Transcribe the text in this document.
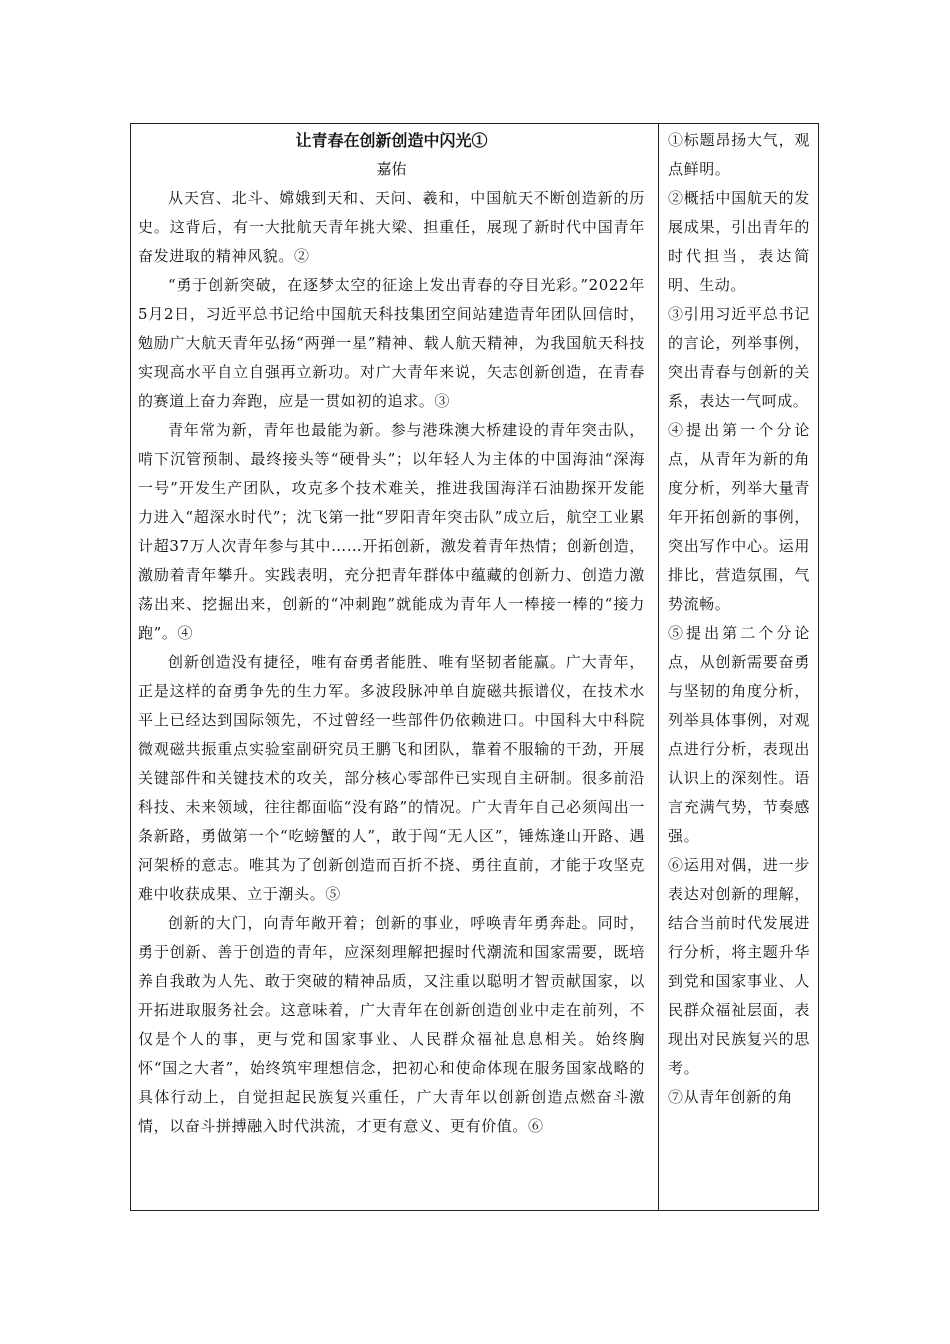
让青春在创新创造中闪光①

嘉佑

从天宫、北斗、嫦娥到天和、天问、羲和，中国航天不断创造新的历史。这背后，有一大批航天青年挑大梁、担重任，展现了新时代中国青年奋发进取的精神风貌。②

“勇于创新突破，在逐梦太空的征途上发出青春的夺目光彩。”2022年5月2日，习近平总书记给中国航天科技集团空间站建造青年团队回信时，勉励广大航天青年弘扬“两弹一星”精神、载人航天精神，为我国航天科技实现高水平自立自强再立新功。对广大青年来说，矢志创新创造，在青春的赛道上奋力奔跑，应是一贯如初的追求。③

青年常为新，青年也最能为新。参与港珠澳大桥建设的青年突击队，啃下沉管预制、最终接头等“硬骨头”；以年轻人为主体的中国海油“深海一号”开发生产团队，攻克多个技术难关，推进我国海洋石油勘探开发能力进入“超深水时代”；沈飞第一批“罗阳青年突击队”成立后，航空工业累计超37万人次青年参与其中……开拓创新，激发着青年热情；创新创造，激励着青年攀升。实践表明，充分把青年群体中蕴藏的创新力、创造力激荡出来、挖掘出来，创新的“冲刺跑”就能成为青年人一棒接一棒的“接力跑”。④

创新创造没有捷径，唯有奋勇者能胜、唯有坚韧者能赢。广大青年，正是这样的奋勇争先的生力军。多波段脉冲单自旋磁共振谱仪，在技术水平上已经达到国际领先，不过曾经一些部件仍依赖进口。中国科大中科院微观磁共振重点实验室副研究员王鹏飞和团队，靠着不服输的干劲，开展关键部件和关键技术的攻关，部分核心零部件已实现自主研制。很多前沿科技、未来领域，往往都面临“没有路”的情况。广大青年自己必须闯出一条新路，勇做第一个“吃螃蟹的人”，敢于闯“无人区”，锤炼逢山开路、遇河架桥的意志。唯其为了创新创造而百折不挠、勇往直前，才能于攻坚克难中收获成果、立于潮头。⑤

创新的大门，向青年敞开着；创新的事业，呼唤青年勇奔赴。同时，勇于创新、善于创造的青年，应深刻理解把握时代潮流和国家需要，既培养自我敢为人先、敢于突破的精神品质，又注重以聪明才智贡献国家，以开拓进取服务社会。这意味着，广大青年在创新创造创业中走在前列，不仅是个人的事，更与党和国家事业、人民群众福祉息息相关。始终胸怀“国之大者”，始终筑牢理想信念，把初心和使命体现在服务国家战略的具体行动上，自觉担起民族复兴重任，广大青年以创新创造点燃奋斗激情，以奋斗拼搏融入时代洪流，才更有意义、更有价值。⑥

①标题昂扬大气，观点鲜明。

②概括中国航天的发展成果，引出青年的时代担当，表达简明、生动。

③引用习近平总书记的言论，列举事例，突出青春与创新的关系，表达一气呵成。

④提出第一个分论点，从青年为新的角度分析，列举大量青年开拓创新的事例，突出写作中心。运用排比，营造氛围，气势流畅。

⑤提出第二个分论点，从创新需要奋勇与坚韧的角度分析，列举具体事例，对观点进行分析，表现出认识上的深刻性。语言充满气势，节奏感强。

⑥运用对偶，进一步表达对创新的理解，结合当前时代发展进行分析，将主题升华到党和国家事业、人民群众福祉层面，表现出对民族复兴的思考。

⑦从青年创新的角
